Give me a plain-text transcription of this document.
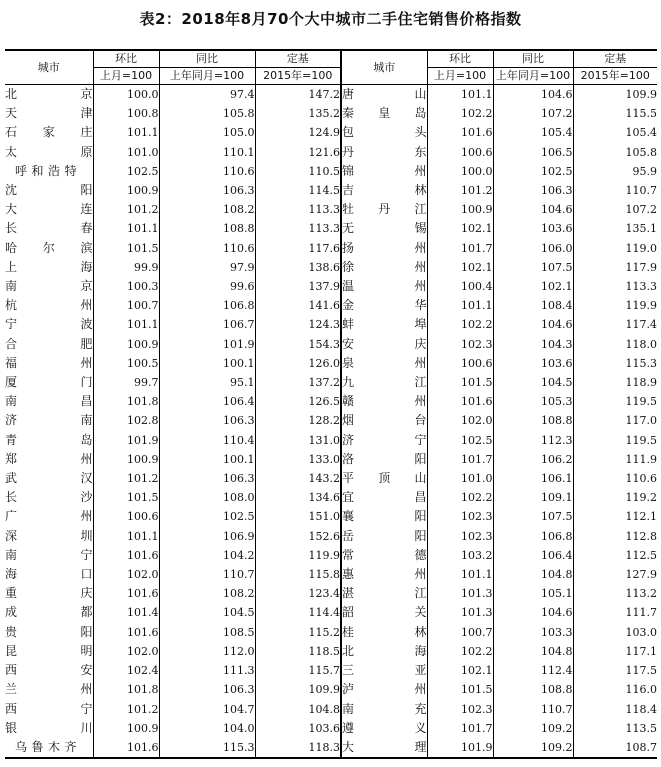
表2：2018年8月70个大中城市二手住宅销售价格指数
城市	环比	同比	定基	城市	环比	同比	定基
	上月=100	上年同月=100	2015年=100		上月=100	上年同月=100	2015年=100
北京	100.0	97.4	147.2	唐山	101.1	104.6	109.9
天津	100.8	105.8	135.2	秦皇岛	102.2	107.2	115.5
石家庄	101.1	105.0	124.9	包头	101.6	105.4	105.4
太原	101.0	110.1	121.6	丹东	100.6	106.5	105.8
呼和浩特	102.5	110.6	110.5	锦州	100.0	102.5	95.9
沈阳	100.9	106.3	114.5	吉林	101.2	106.3	110.7
大连	101.2	108.2	113.3	牡丹江	100.9	104.6	107.2
长春	101.1	108.8	113.3	无锡	102.1	103.6	135.1
哈尔滨	101.5	110.6	117.6	扬州	101.7	106.0	119.0
上海	99.9	97.9	138.6	徐州	102.1	107.5	117.9
南京	100.3	99.6	137.9	温州	100.4	102.1	113.3
杭州	100.7	106.8	141.6	金华	101.1	108.4	119.9
宁波	101.1	106.7	124.3	蚌埠	102.2	104.6	117.4
合肥	100.9	101.9	154.3	安庆	102.3	104.3	118.0
福州	100.5	100.1	126.0	泉州	100.6	103.6	115.3
厦门	99.7	95.1	137.2	九江	101.5	104.5	118.9
南昌	101.8	106.4	126.5	赣州	101.6	105.3	119.5
济南	102.8	106.3	128.2	烟台	102.0	108.8	117.0
青岛	101.9	110.4	131.0	济宁	102.5	112.3	119.5
郑州	100.9	100.1	133.0	洛阳	101.7	106.2	111.9
武汉	101.2	106.3	143.2	平顶山	101.0	106.1	110.6
长沙	101.5	108.0	134.6	宜昌	102.2	109.1	119.2
广州	100.6	102.5	151.0	襄阳	102.3	107.5	112.1
深圳	101.1	106.9	152.6	岳阳	102.3	106.8	112.8
南宁	101.6	104.2	119.9	常德	103.2	106.4	112.5
海口	102.0	110.7	115.8	惠州	101.1	104.8	127.9
重庆	101.6	108.2	123.4	湛江	101.3	105.1	113.2
成都	101.4	104.5	114.4	韶关	101.3	104.6	111.7
贵阳	101.6	108.5	115.2	桂林	100.7	103.3	103.0
昆明	102.0	112.0	118.5	北海	102.2	104.8	117.1
西安	102.4	111.3	115.7	三亚	102.1	112.4	117.5
兰州	101.8	106.3	109.9	泸州	101.5	108.8	116.0
西宁	101.2	104.7	104.8	南充	102.3	110.7	118.4
银川	100.9	104.0	103.6	遵义	101.7	109.2	113.5
乌鲁木齐	101.6	115.3	118.3	大理	101.9	109.2	108.7
